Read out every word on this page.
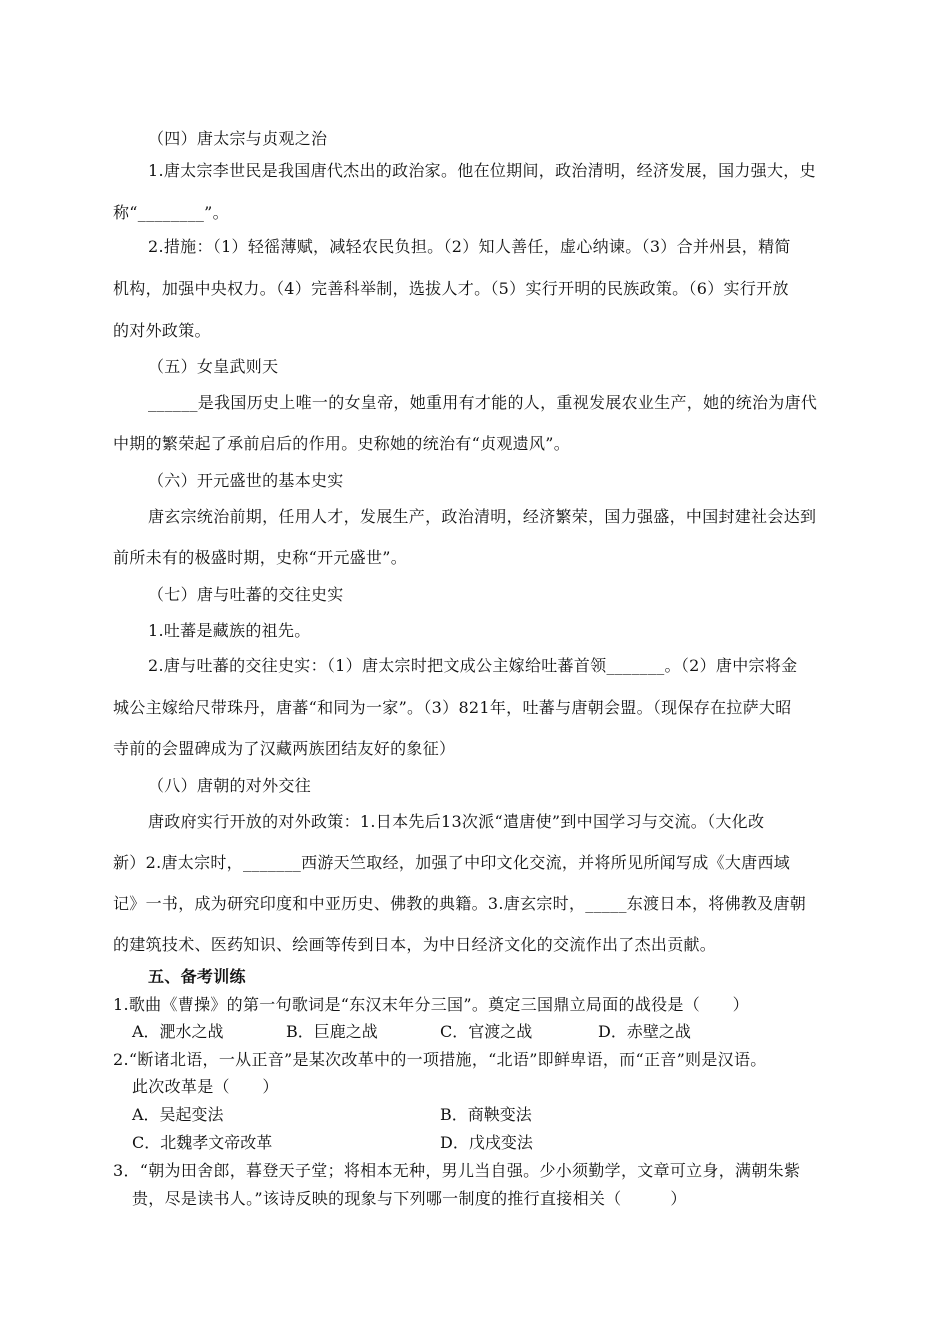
（四）唐太宗与贞观之治
1.唐太宗李世民是我国唐代杰出的政治家。他在位期间，政治清明，经济发展，国力强大，史
称“________”。
2.措施：（1）轻徭薄赋，减轻农民负担。（2）知人善任，虚心纳谏。（3）合并州县，精简
机构，加强中央权力。（4）完善科举制，选拔人才。（5）实行开明的民族政策。（6）实行开放
的对外政策。
（五）女皇武则天
______是我国历史上唯一的女皇帝，她重用有才能的人，重视发展农业生产，她的统治为唐代
中期的繁荣起了承前启后的作用。史称她的统治有“贞观遗风”。
（六）开元盛世的基本史实
唐玄宗统治前期，任用人才，发展生产，政治清明，经济繁荣，国力强盛，中国封建社会达到
前所未有的极盛时期，史称“开元盛世”。
（七）唐与吐蕃的交往史实
1.吐蕃是藏族的祖先。
2.唐与吐蕃的交往史实：（1）唐太宗时把文成公主嫁给吐蕃首领_______。（2）唐中宗将金
城公主嫁给尺带珠丹，唐蕃“和同为一家”。（3）821年，吐蕃与唐朝会盟。（现保存在拉萨大昭
寺前的会盟碑成为了汉藏两族团结友好的象征）
（八）唐朝的对外交往
唐政府实行开放的对外政策：1.日本先后13次派“遣唐使”到中国学习与交流。（大化改
新）2.唐太宗时，_______西游天竺取经，加强了中印文化交流，并将所见所闻写成《大唐西域
记》一书，成为研究印度和中亚历史、佛教的典籍。3.唐玄宗时，_____东渡日本，将佛教及唐朝
的建筑技术、医药知识、绘画等传到日本，为中日经济文化的交流作出了杰出贡献。
五、备考训练
1.歌曲《曹操》的第一句歌词是“东汉末年分三国”。奠定三国鼎立局面的战役是（　　）
A．淝水之战	B．巨鹿之战	C．官渡之战	D．赤壁之战
2.“断诸北语，一从正音”是某次改革中的一项措施，“北语”即鲜卑语，而“正音”则是汉语。
此次改革是（　　）
A．吴起变法	B．商鞅变法
C．北魏孝文帝改革	D．戊戌变法
3．“朝为田舍郎，暮登天子堂；将相本无种，男儿当自强。少小须勤学，文章可立身，满朝朱紫
贵，尽是读书人。”该诗反映的现象与下列哪一制度的推行直接相关（　　　）
